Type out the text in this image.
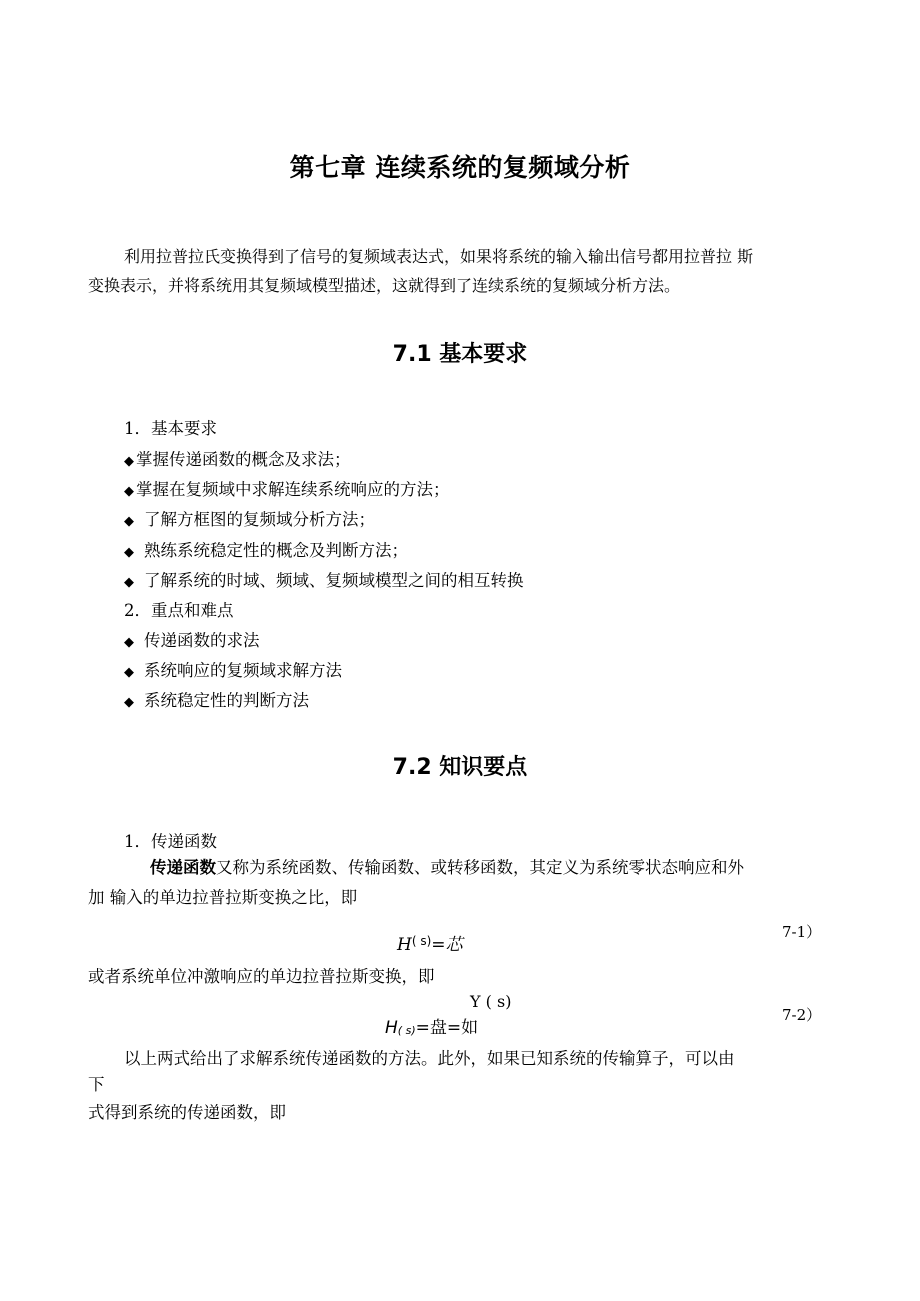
第七章 连续系统的复频域分析
利用拉普拉氏变换得到了信号的复频域表达式，如果将系统的输入输出信号都用拉普拉 斯
变换表示，并将系统用其复频域模型描述，这就得到了连续系统的复频域分析方法。
7.1 基本要求
1．基本要求
◆ 掌握传递函数的概念及求法；
◆ 掌握在复频域中求解连续系统响应的方法；
◆ 了解方框图的复频域分析方法；
◆ 熟练系统稳定性的概念及判断方法；
◆ 了解系统的时域、频域、复频域模型之间的相互转换
2．重点和难点
◆ 传递函数的求法
◆ 系统响应的复频域求解方法
◆ 系统稳定性的判断方法
7.2 知识要点
1．传递函数
传递函数又称为系统函数、传输函数、或转移函数，其定义为系统零状态响应和外
加 输入的单边拉普拉斯变换之比，即
$H^{( s)}=$芯
7-1）
或者系统单位冲激响应的单边拉普拉斯变换，即
Y ( s)
H( s)=盘=如
7-2）
以上两式给出了求解系统传递函数的方法。此外，如果已知系统的传输算子，可以由
下
式得到系统的传递函数，即
